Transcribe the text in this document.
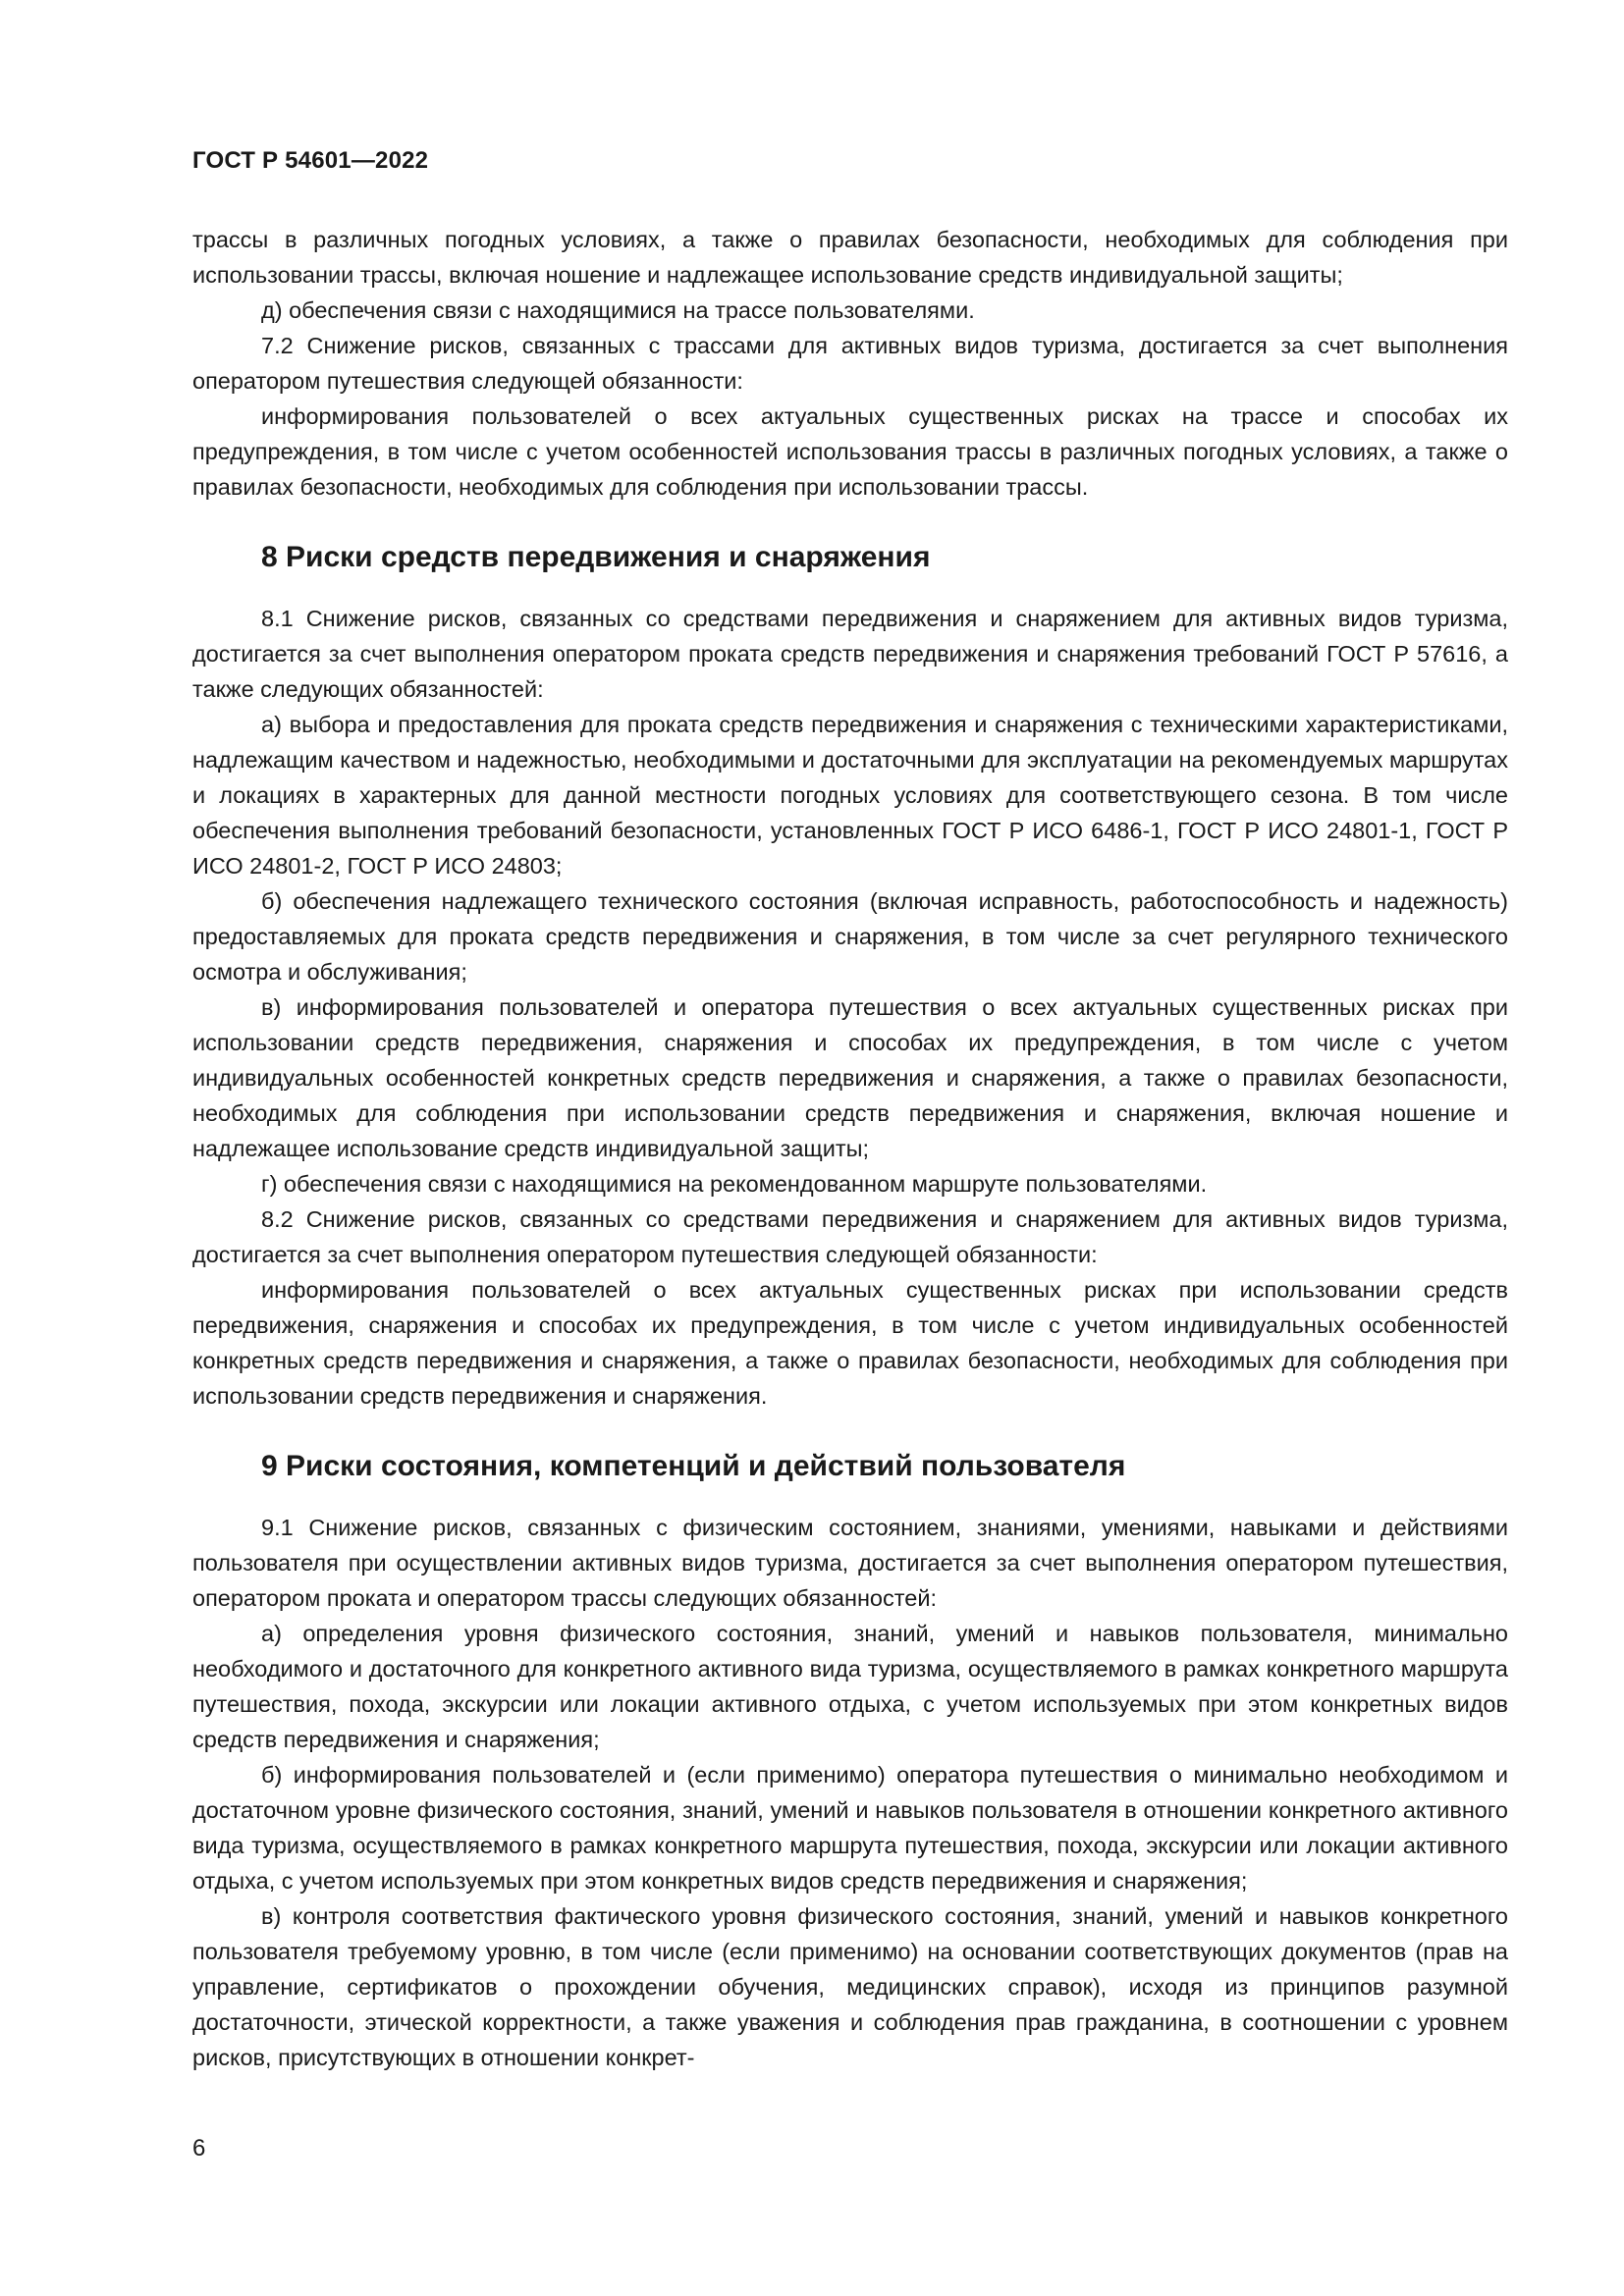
ГОСТ Р 54601—2022

трассы в различных погодных условиях, а также о правилах безопасности, необходимых для соблюдения при использовании трассы, включая ношение и надлежащее использование средств индивидуальной защиты;

д) обеспечения связи с находящимися на трассе пользователями.

7.2 Снижение рисков, связанных с трассами для активных видов туризма, достигается за счет выполнения оператором путешествия следующей обязанности:

информирования пользователей о всех актуальных существенных рисках на трассе и способах их предупреждения, в том числе с учетом особенностей использования трассы в различных погодных условиях, а также о правилах безопасности, необходимых для соблюдения при использовании трассы.

8 Риски средств передвижения и снаряжения

8.1 Снижение рисков, связанных со средствами передвижения и снаряжением для активных видов туризма, достигается за счет выполнения оператором проката средств передвижения и снаряжения требований ГОСТ Р 57616, а также следующих обязанностей:

а) выбора и предоставления для проката средств передвижения и снаряжения с техническими характеристиками, надлежащим качеством и надежностью, необходимыми и достаточными для эксплуатации на рекомендуемых маршрутах и локациях в характерных для данной местности погодных условиях для соответствующего сезона. В том числе обеспечения выполнения требований безопасности, установленных ГОСТ Р ИСО 6486-1, ГОСТ Р ИСО 24801-1, ГОСТ Р ИСО 24801-2, ГОСТ Р ИСО 24803;

б) обеспечения надлежащего технического состояния (включая исправность, работоспособность и надежность) предоставляемых для проката средств передвижения и снаряжения, в том числе за счет регулярного технического осмотра и обслуживания;

в) информирования пользователей и оператора путешествия о всех актуальных существенных рисках при использовании средств передвижения, снаряжения и способах их предупреждения, в том числе с учетом индивидуальных особенностей конкретных средств передвижения и снаряжения, а также о правилах безопасности, необходимых для соблюдения при использовании средств передвижения и снаряжения, включая ношение и надлежащее использование средств индивидуальной защиты;

г) обеспечения связи с находящимися на рекомендованном маршруте пользователями.

8.2 Снижение рисков, связанных со средствами передвижения и снаряжением для активных видов туризма, достигается за счет выполнения оператором путешествия следующей обязанности:

информирования пользователей о всех актуальных существенных рисках при использовании средств передвижения, снаряжения и способах их предупреждения, в том числе с учетом индивидуальных особенностей конкретных средств передвижения и снаряжения, а также о правилах безопасности, необходимых для соблюдения при использовании средств передвижения и снаряжения.

9 Риски состояния, компетенций и действий пользователя

9.1 Снижение рисков, связанных с физическим состоянием, знаниями, умениями, навыками и действиями пользователя при осуществлении активных видов туризма, достигается за счет выполнения оператором путешествия, оператором проката и оператором трассы следующих обязанностей:

а) определения уровня физического состояния, знаний, умений и навыков пользователя, минимально необходимого и достаточного для конкретного активного вида туризма, осуществляемого в рамках конкретного маршрута путешествия, похода, экскурсии или локации активного отдыха, с учетом используемых при этом конкретных видов средств передвижения и снаряжения;

б) информирования пользователей и (если применимо) оператора путешествия о минимально необходимом и достаточном уровне физического состояния, знаний, умений и навыков пользователя в отношении конкретного активного вида туризма, осуществляемого в рамках конкретного маршрута путешествия, похода, экскурсии или локации активного отдыха, с учетом используемых при этом конкретных видов средств передвижения и снаряжения;

в) контроля соответствия фактического уровня физического состояния, знаний, умений и навыков конкретного пользователя требуемому уровню, в том числе (если применимо) на основании соответствующих документов (прав на управление, сертификатов о прохождении обучения, медицинских справок), исходя из принципов разумной достаточности, этической корректности, а также уважения и соблюдения прав гражданина, в соотношении с уровнем рисков, присутствующих в отношении конкрет-

6
